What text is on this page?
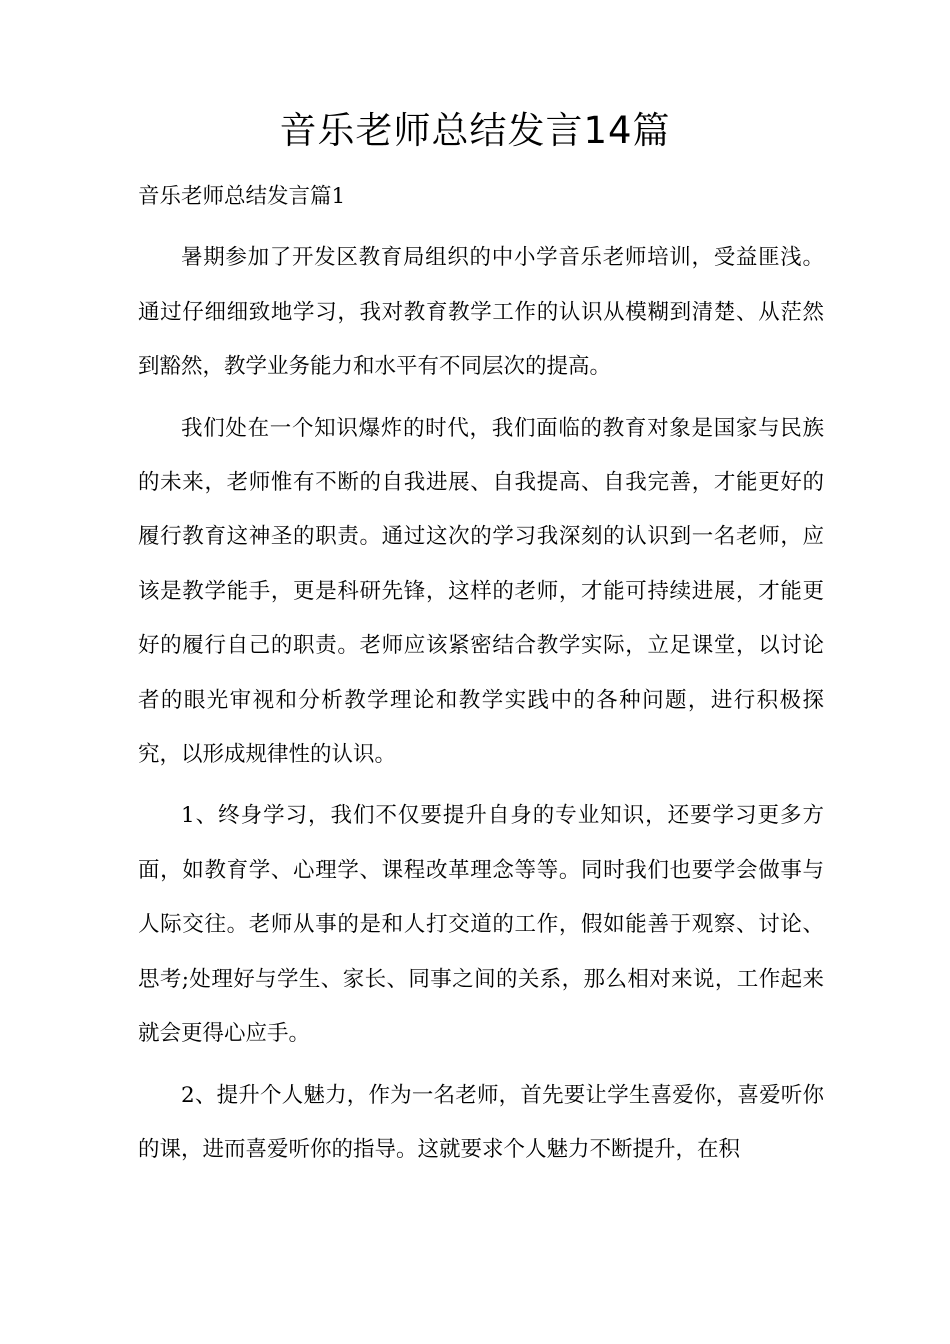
音乐老师总结发言14篇

音乐老师总结发言篇1

暑期参加了开发区教育局组织的中小学音乐老师培训，受益匪浅。通过仔细细致地学习，我对教育教学工作的认识从模糊到清楚、从茫然到豁然，教学业务能力和水平有不同层次的提高。

我们处在一个知识爆炸的时代，我们面临的教育对象是国家与民族的未来，老师惟有不断的自我进展、自我提高、自我完善，才能更好的履行教育这神圣的职责。通过这次的学习我深刻的认识到一名老师，应该是教学能手，更是科研先锋，这样的老师，才能可持续进展，才能更好的履行自己的职责。老师应该紧密结合教学实际，立足课堂，以讨论者的眼光审视和分析教学理论和教学实践中的各种问题，进行积极探究，以形成规律性的认识。

1、终身学习，我们不仅要提升自身的专业知识，还要学习更多方面，如教育学、心理学、课程改革理念等等。同时我们也要学会做事与人际交往。老师从事的是和人打交道的工作，假如能善于观察、讨论、思考;处理好与学生、家长、同事之间的关系，那么相对来说，工作起来就会更得心应手。

2、提升个人魅力，作为一名老师，首先要让学生喜爱你，喜爱听你的课，进而喜爱听你的指导。这就要求个人魅力不断提升，在积
